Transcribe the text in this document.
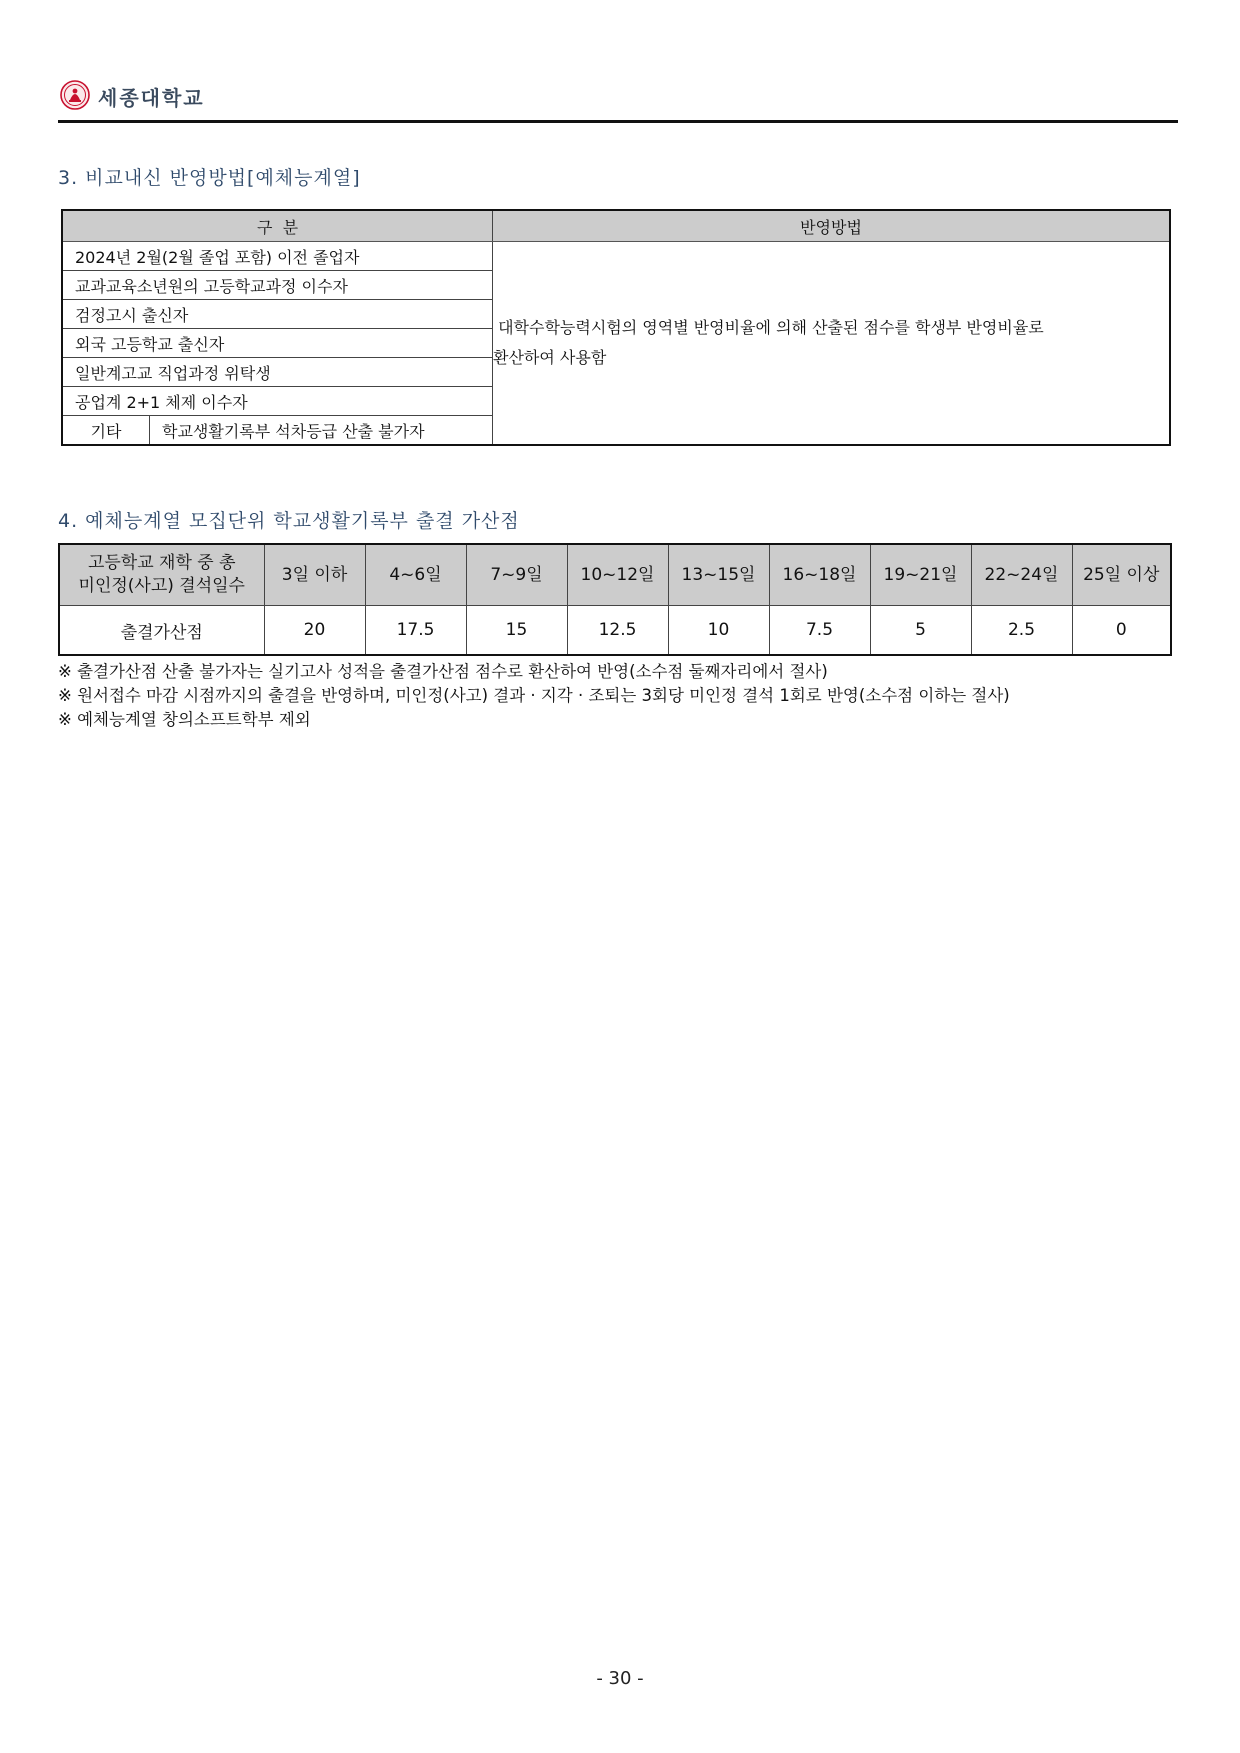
세종대학교
3. 비교내신 반영방법[예체능계열]
구  분		반영방법
2024년 2월(2월 졸업 포함) 이전 졸업자		대학수학능력시험의 영역별 반영비율에 의해 산출된 점수를 학생부 반영비율로
환산하여 사용함

교과교육소년원의 고등학교과정 이수자		
검정고시 출신자		
외국 고등학교 출신자		
일반계고교 직업과정 위탁생		
공업계 2+1 체제 이수자		
기타	학교생활기록부 석차등급 산출 불가자	
4. 예체능계열 모집단위 학교생활기록부 출결 가산점
고등학교 재학 중 총
미인정(사고) 결석일수	3일 이하	4~6일	7~9일	10~12일	13~15일	16~18일	19~21일	22~24일	25일 이상
출결가산점	20	17.5	15	12.5	10	7.5	5	2.5	0
※ 출결가산점 산출 불가자는 실기고사 성적을 출결가산점 점수로 환산하여 반영(소수점 둘째자리에서 절사)
※ 원서접수 마감 시점까지의 출결을 반영하며, 미인정(사고) 결과 · 지각 · 조퇴는 3회당 미인정 결석 1회로 반영(소수점 이하는 절사)
※ 예체능계열 창의소프트학부 제외
- 30 -
